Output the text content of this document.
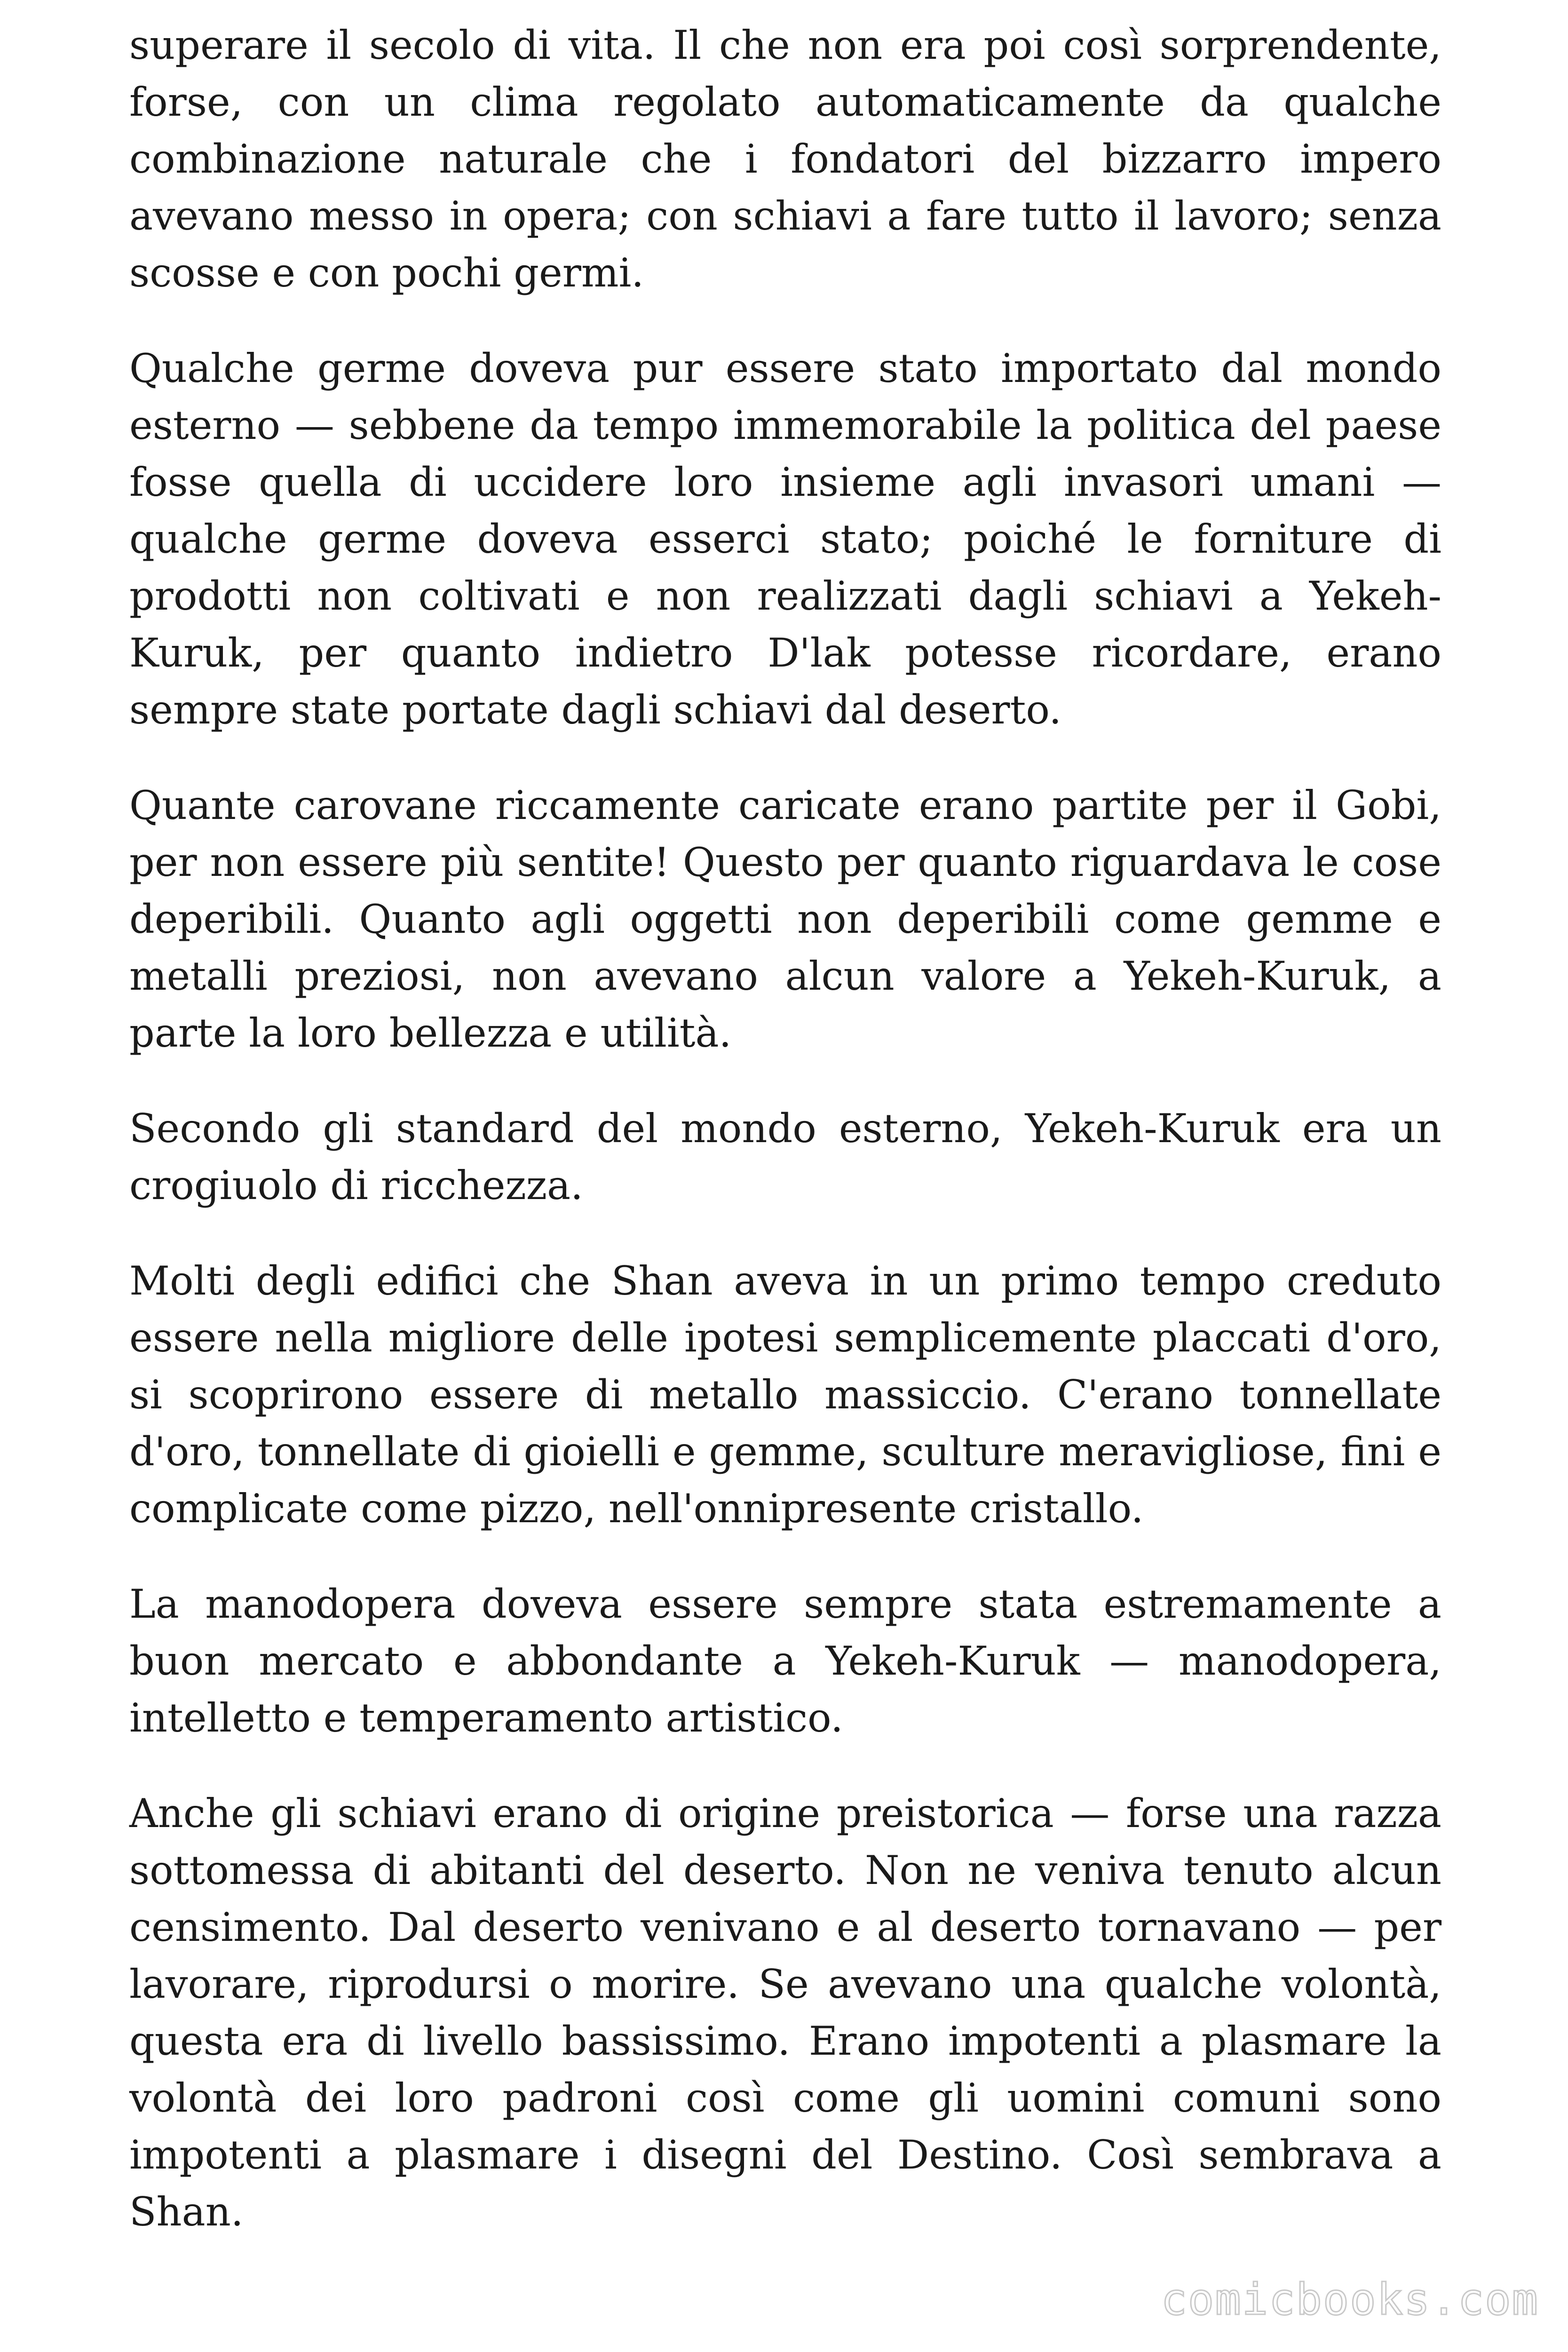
superare il secolo di vita. Il che non era poi così sorprendente, forse, con un clima regolato automaticamente da qualche combinazione naturale che i fondatori del bizzarro impero avevano messo in opera; con schiavi a fare tutto il lavoro; senza scosse e con pochi germi.

Qualche germe doveva pur essere stato importato dal mondo esterno — sebbene da tempo immemorabile la politica del paese fosse quella di uccidere loro insieme agli invasori umani — qualche germe doveva esserci stato; poiché le forniture di prodotti non coltivati e non realizzati dagli schiavi a Yekeh-Kuruk, per quanto indietro D'lak potesse ricordare, erano sempre state portate dagli schiavi dal deserto.

Quante carovane riccamente caricate erano partite per il Gobi, per non essere più sentite! Questo per quanto riguardava le cose deperibili. Quanto agli oggetti non deperibili come gemme e metalli preziosi, non avevano alcun valore a Yekeh-Kuruk, a parte la loro bellezza e utilità.

Secondo gli standard del mondo esterno, Yekeh-Kuruk era un crogiuolo di ricchezza.

Molti degli edifici che Shan aveva in un primo tempo creduto essere nella migliore delle ipotesi semplicemente placcati d'oro, si scoprirono essere di metallo massiccio. C'erano tonnellate d'oro, tonnellate di gioielli e gemme, sculture meravigliose, fini e complicate come pizzo, nell'onnipresente cristallo.

La manodopera doveva essere sempre stata estremamente a buon mercato e abbondante a Yekeh-Kuruk — manodopera, intelletto e temperamento artistico.

Anche gli schiavi erano di origine preistorica — forse una razza sottomessa di abitanti del deserto. Non ne veniva tenuto alcun censimento. Dal deserto venivano e al deserto tornavano — per lavorare, riprodursi o morire. Se avevano una qualche volontà, questa era di livello bassissimo. Erano impotenti a plasmare la volontà dei loro padroni così come gli uomini comuni sono impotenti a plasmare i disegni del Destino. Così sembrava a Shan.

comicbooks.com
